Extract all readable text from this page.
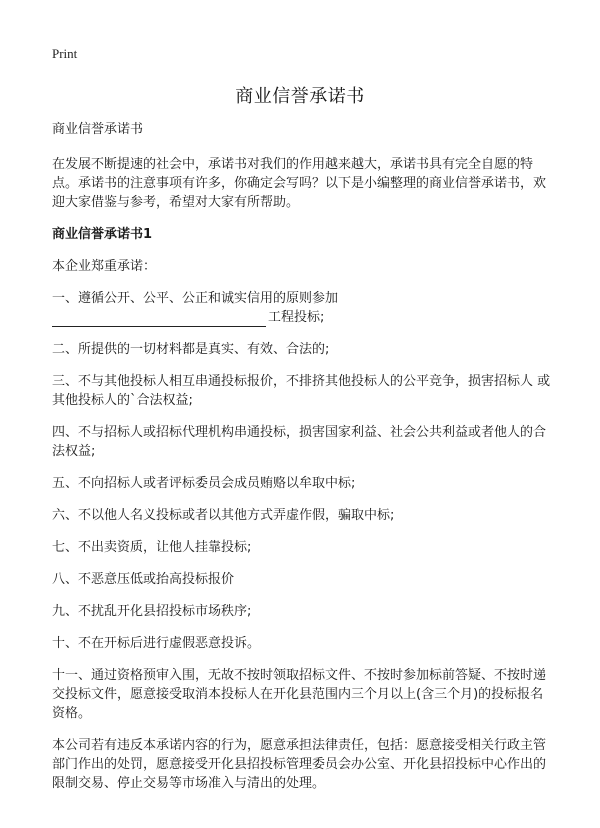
Print
商业信誉承诺书

商业信誉承诺书

在发展不断提速的社会中，承诺书对我们的作用越来越大，承诺书具有完全自愿的特点。承诺书的注意事项有许多，你确定会写吗？以下是小编整理的商业信誉承诺书，欢迎大家借鉴与参考，希望对大家有所帮助。

商业信誉承诺书1

本企业郑重承诺：

一、遵循公开、公平、公正和诚实信用的原则参加
工程投标;

二、所提供的一切材料都是真实、有效、合法的;

三、不与其他投标人相互串通投标报价，不排挤其他投标人的公平竞争，损害招标人 或其他投标人的`合法权益;

四、不与招标人或招标代理机构串通投标，损害国家利益、社会公共利益或者他人的合法权益;

五、不向招标人或者评标委员会成员贿赂以牟取中标;

六、不以他人名义投标或者以其他方式弄虚作假，骗取中标;

七、不出卖资质，让他人挂靠投标;

八、不恶意压低或抬高投标报价

九、不扰乱开化县招投标市场秩序;

十、不在开标后进行虚假恶意投诉。

十一、通过资格预审入围，无故不按时领取招标文件、不按时参加标前答疑、不按时递交投标文件，愿意接受取消本投标人在开化县范围内三个月以上(含三个月)的投标报名资格。

本公司若有违反本承诺内容的行为，愿意承担法律责任，包括：愿意接受相关行政主管部门作出的处罚，愿意接受开化县招投标管理委员会办公室、开化县招投标中心作出的限制交易、停止交易等市场准入与清出的处理。
